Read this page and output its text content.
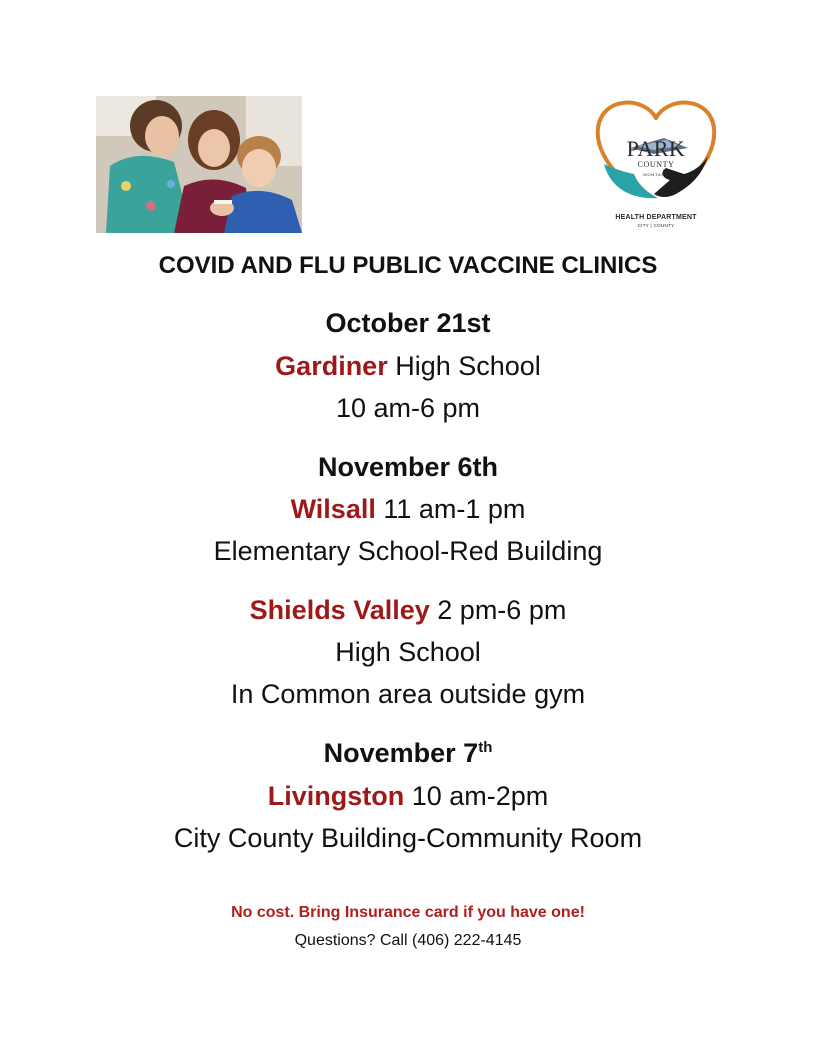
PARK
COUNTY
MONTANA
HEALTH DEPARTMENT
CITY | COUNTY
COVID AND FLU PUBLIC VACCINE CLINICS
October 21st
Gardiner High School
10 am-6 pm
November 6th
Wilsall 11 am-1 pm
Elementary School-Red Building
Shields Valley 2 pm-6 pm
High School
In Common area outside gym
November 7th
Livingston 10 am-2pm
City County Building-Community Room
No cost. Bring Insurance card if you have one!
Questions? Call (406) 222-4145
